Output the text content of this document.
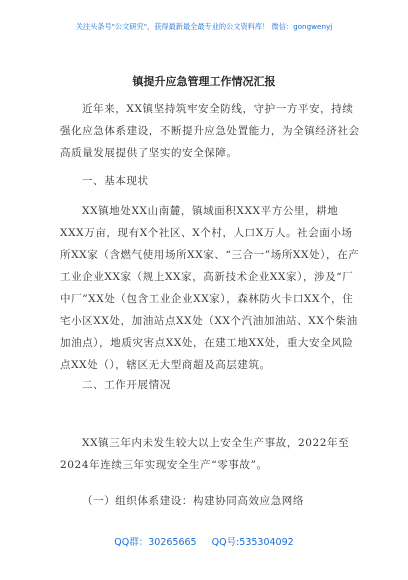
关注头条号"公文研究"，获得最新最全最专业的公文资料库！ 微信：gongwenyj
镇提升应急管理工作情况汇报

近年来，XX镇坚持筑牢安全防线，守护一方平安，持续强化应急体系建设，不断提升应急处置能力，为全镇经济社会高质量发展提供了坚实的安全保障。

一、基本现状

XX镇地处XX山南麓，镇域面积XXX平方公里，耕地XXX万亩，现有X个社区、X个村，人口X万人。社会面小场所XX家（含燃气使用场所XX家、“三合一”场所XX处），在产工业企业XX家（规上XX家，高新技术企业XX家），涉及“厂中厂”XX处（包含工业企业XX家），森林防火卡口XX个，住宅小区XX处，加油站点XX处（XX个汽油加油站、XX个柴油加油点），地质灾害点XX处，在建工地XX处，重大安全风险点XX处（），辖区无大型商超及高层建筑。

二、工作开展情况

XX镇三年内未发生较大以上安全生产事故，2022年至2024年连续三年实现安全生产“零事故”。

（一）组织体系建设：构建协同高效应急网络

QQ群：30265665 QQ号:535304092
